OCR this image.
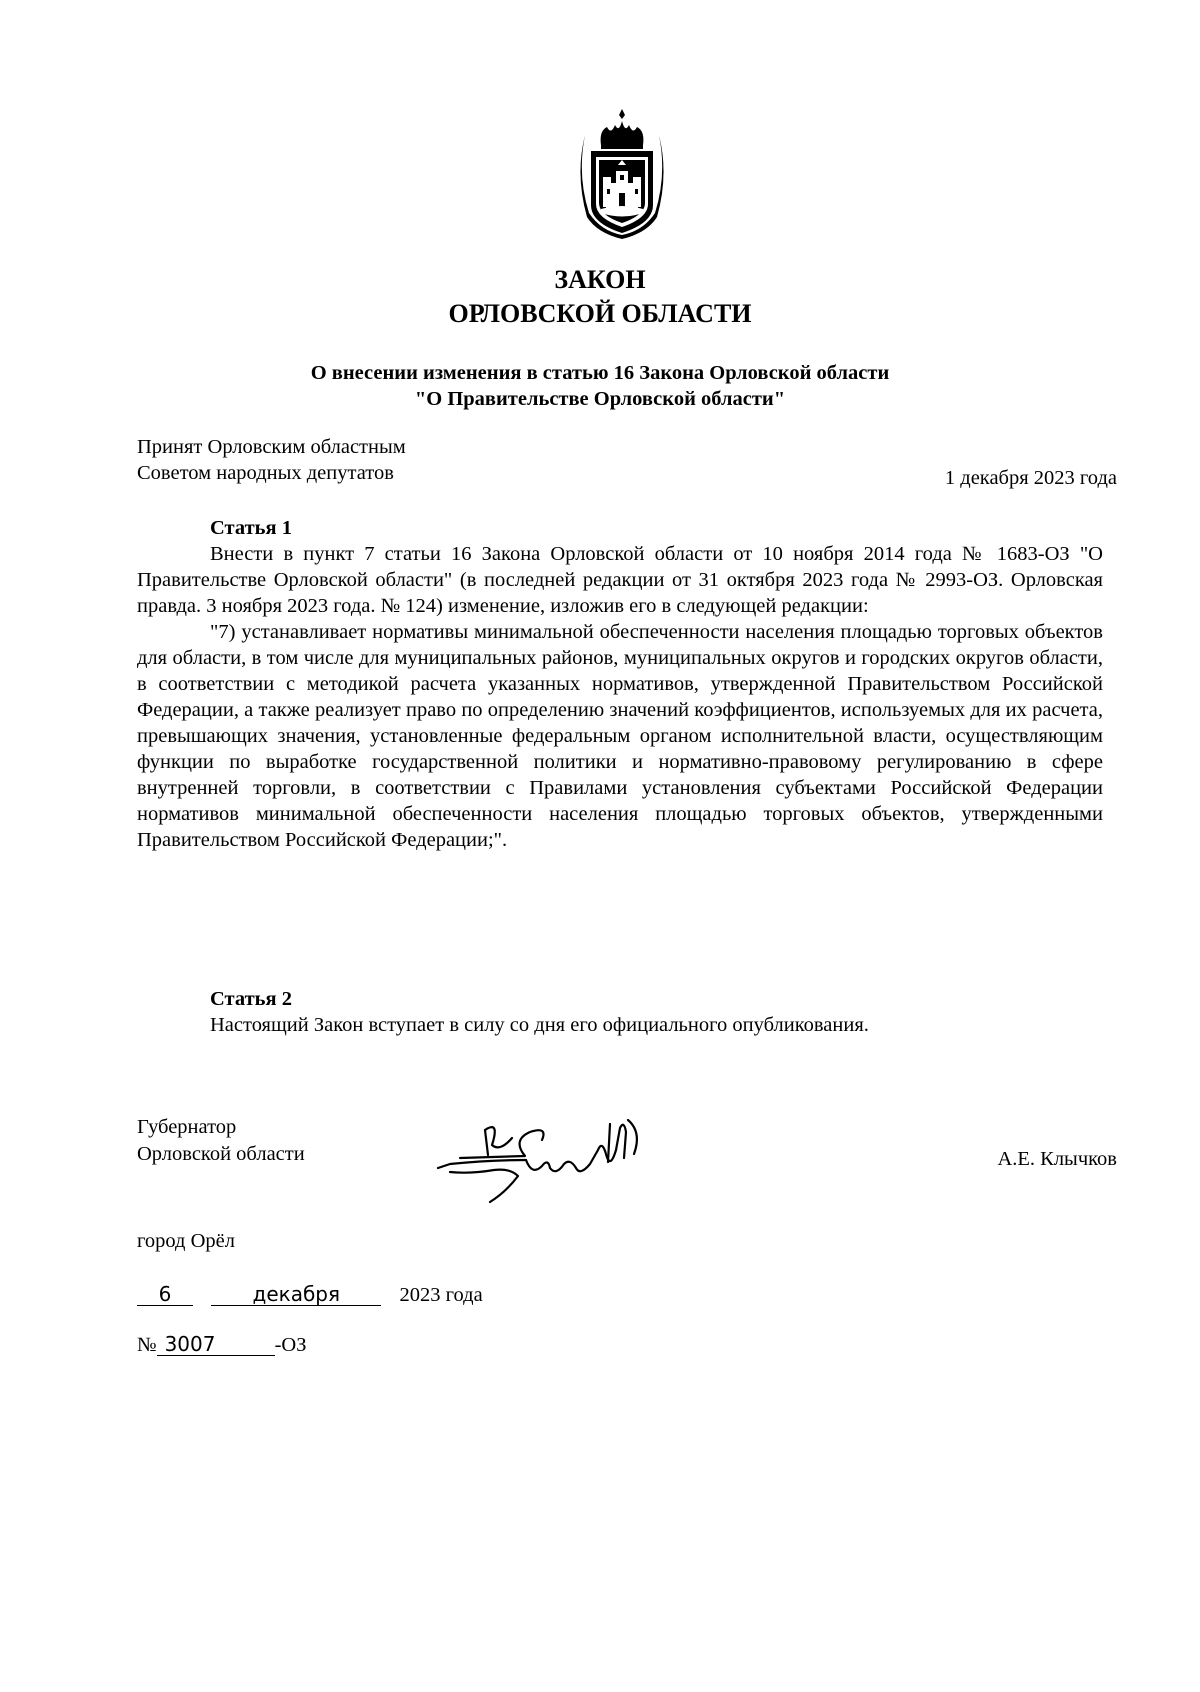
ЗАКОН
ОРЛОВСКОЙ ОБЛАСТИ
О внесении изменения в статью 16 Закона Орловской области
"О Правительстве Орловской области"
Принят Орловским областным
Советом народных депутатов	1 декабря 2023 года
Статья 1

Внести в пункт 7 статьи 16 Закона Орловской области от 10 ноября 2014 года № 1683-ОЗ "О Правительстве Орловской области" (в последней редакции от 31 октября 2023 года № 2993-ОЗ. Орловская правда. 3 ноября 2023 года. № 124) изменение, изложив его в следующей редакции:

"7) устанавливает нормативы минимальной обеспеченности населения площадью торговых объектов для области, в том числе для муниципальных районов, муниципальных округов и городских округов области, в соответствии с методикой расчета указанных нормативов, утвержденной Правительством Российской Федерации, а также реализует право по определению значений коэффициентов, используемых для их расчета, превышающих значения, установленные федеральным органом исполнительной власти, осуществляющим функции по выработке государственной политики и нормативно-правовому регулированию в сфере внутренней торговли, в соответствии с Правилами установления субъектами Российской Федерации нормативов минимальной обеспеченности населения площадью торговых объектов, утвержденными Правительством Российской Федерации;".

Статья 2

Настоящий Закон вступает в силу со дня его официального опубликования.

Губернатор
Орловской области	А.Е. Клычков
город Орёл
6	декабря	2023 года
№ 3007	-ОЗ
